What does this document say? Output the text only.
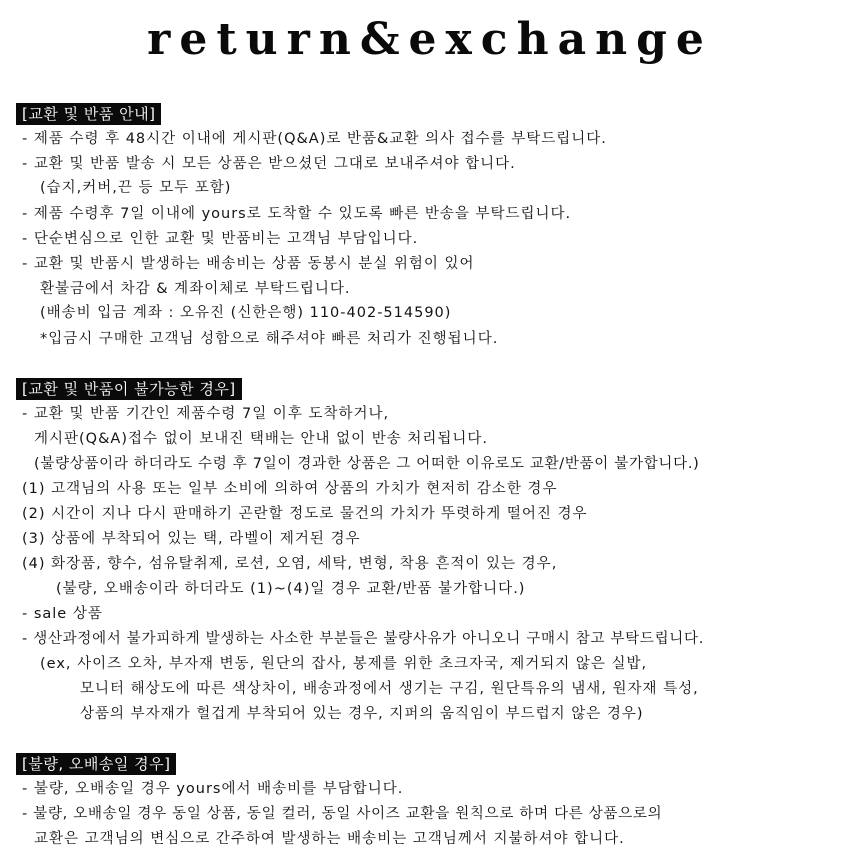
return&exchange
[교환 및 반품 안내]
- 제품 수령 후 48시간 이내에 게시판(Q&A)로 반품&교환 의사 접수를 부탁드립니다.
- 교환 및 반품 발송 시 모든 상품은 받으셨던 그대로 보내주셔야 합니다.
(습지,커버,끈 등 모두 포함)
- 제품 수령후 7일 이내에 yours로 도착할 수 있도록 빠른 반송을 부탁드립니다.
- 단순변심으로 인한 교환 및 반품비는 고객님 부담입니다.
- 교환 및 반품시 발생하는 배송비는 상품 동봉시 분실 위험이 있어
환불금에서 차감 & 계좌이체로 부탁드립니다.
(배송비 입금 계좌 : 오유진 (신한은행) 110-402-514590)
*입금시 구매한 고객님 성함으로 해주셔야 빠른 처리가 진행됩니다.
[교환 및 반품이 불가능한 경우]
- 교환 및 반품 기간인 제품수령 7일 이후 도착하거나,
게시판(Q&A)접수 없이 보내진 택배는 안내 없이 반송 처리됩니다.
(불량상품이라 하더라도 수령 후 7일이 경과한 상품은 그 어떠한 이유로도 교환/반품이 불가합니다.)
(1) 고객님의 사용 또는 일부 소비에 의하여 상품의 가치가 현저히 감소한 경우
(2) 시간이 지나 다시 판매하기 곤란할 정도로 물건의 가치가 뚜렷하게 떨어진 경우
(3) 상품에 부착되어 있는 택, 라벨이 제거된 경우
(4) 화장품, 향수, 섬유탈취제, 로션, 오염, 세탁, 변형, 착용 흔적이 있는 경우,
(불량, 오배송이라 하더라도 (1)~(4)일 경우 교환/반품 불가합니다.)
- sale 상품
- 생산과정에서 불가피하게 발생하는 사소한 부분들은 불량사유가 아니오니 구매시 참고 부탁드립니다.
(ex, 사이즈 오차, 부자재 변동, 원단의 잡사, 봉제를 위한 초크자국, 제거되지 않은 실밥,
모니터 해상도에 따른 색상차이, 배송과정에서 생기는 구김, 원단특유의 냄새, 원자재 특성,
상품의 부자재가 헐겁게 부착되어 있는 경우, 지퍼의 움직임이 부드럽지 않은 경우)
[불량, 오배송일 경우]
- 불량, 오배송일 경우 yours에서 배송비를 부담합니다.
- 불량, 오배송일 경우 동일 상품, 동일 컬러, 동일 사이즈 교환을 원칙으로 하며 다른 상품으로의
교환은 고객님의 변심으로 간주하여 발생하는 배송비는 고객님께서 지불하셔야 합니다.
